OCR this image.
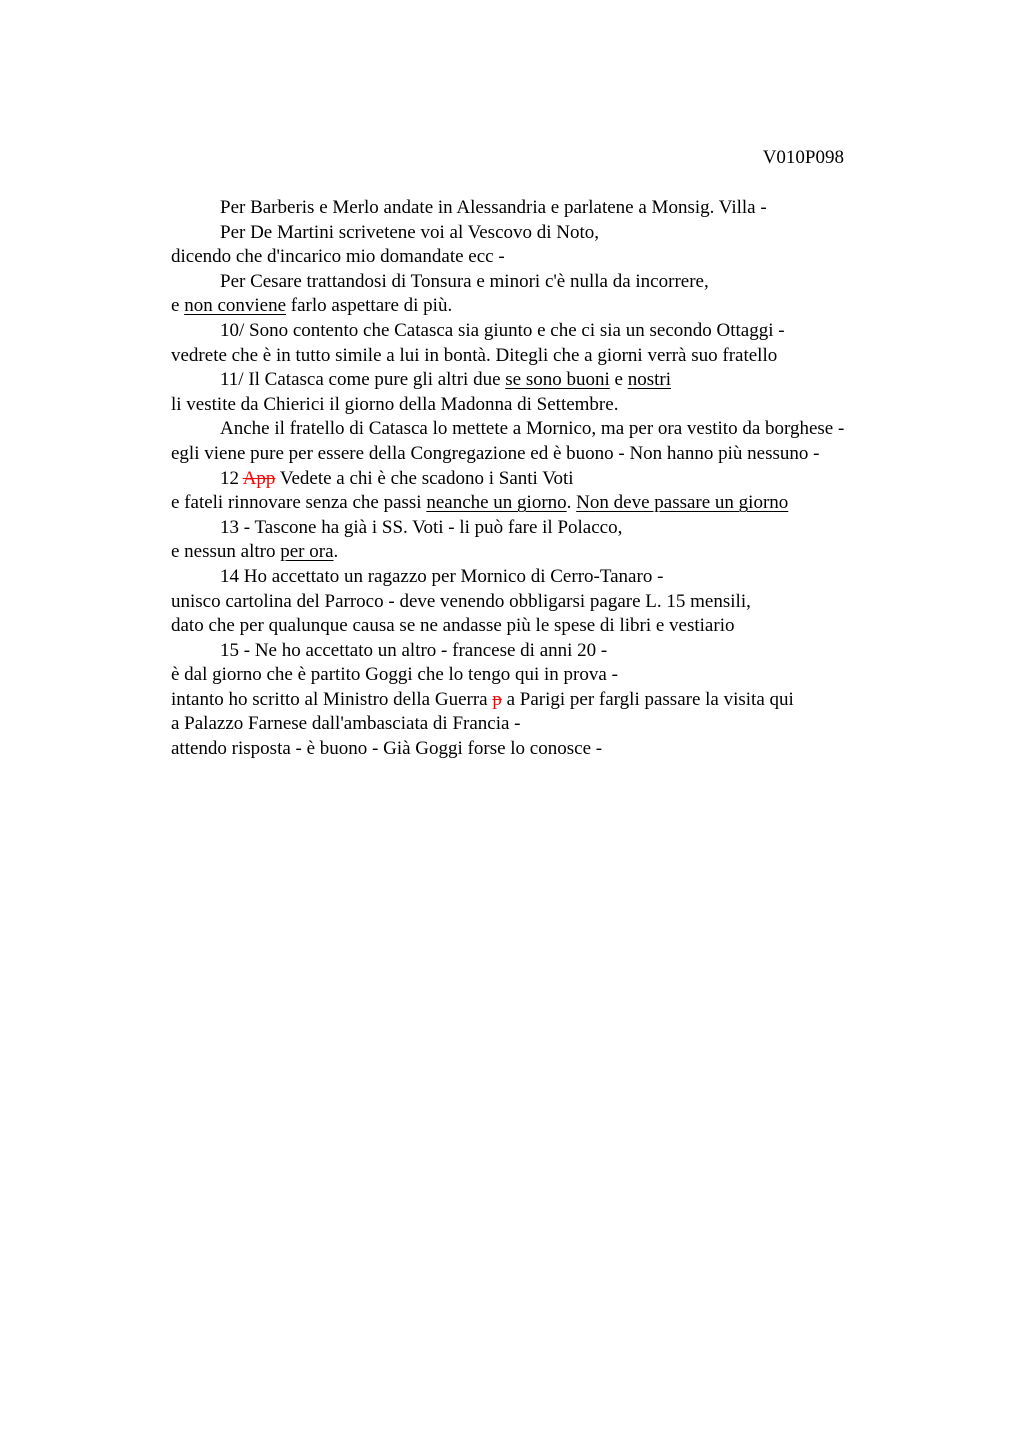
V010P098
Per Barberis e Merlo andate in Alessandria e parlatene a Monsig. Villa -
Per De Martini scrivetene voi al Vescovo di Noto,
dicendo che d'incarico mio domandate ecc -
Per Cesare trattandosi di Tonsura e minori c'è nulla da incorrere,
e non conviene farlo aspettare di più.
10/ Sono contento che Catasca sia giunto e che ci sia un secondo Ottaggi -
vedrete che è in tutto simile a lui in bontà. Ditegli che a giorni verrà suo fratello
11/ Il Catasca come pure gli altri due se sono buoni e nostri
li vestite da Chierici il giorno della Madonna di Settembre.
Anche il fratello di Catasca lo mettete a Mornico, ma per ora vestito da borghese -
egli viene pure per essere della Congregazione ed è buono - Non hanno più nessuno -
12 App Vedete a chi è che scadono i Santi Voti
e fateli rinnovare senza che passi neanche un giorno. Non deve passare un giorno
13 - Tascone ha già i SS. Voti - li può fare il Polacco,
e nessun altro per ora.
14 Ho accettato un ragazzo per Mornico di Cerro-Tanaro -
unisco cartolina del Parroco - deve venendo obbligarsi pagare L. 15 mensili,
dato che per qualunque causa se ne andasse più le spese di libri e vestiario
15 - Ne ho accettato un altro - francese di anni 20 -
è dal giorno che è partito Goggi che lo tengo qui in prova -
intanto ho scritto al Ministro della Guerra p a Parigi per fargli passare la visita qui
a Palazzo Farnese dall'ambasciata di Francia -
attendo risposta - è buono - Già Goggi forse lo conosce -
